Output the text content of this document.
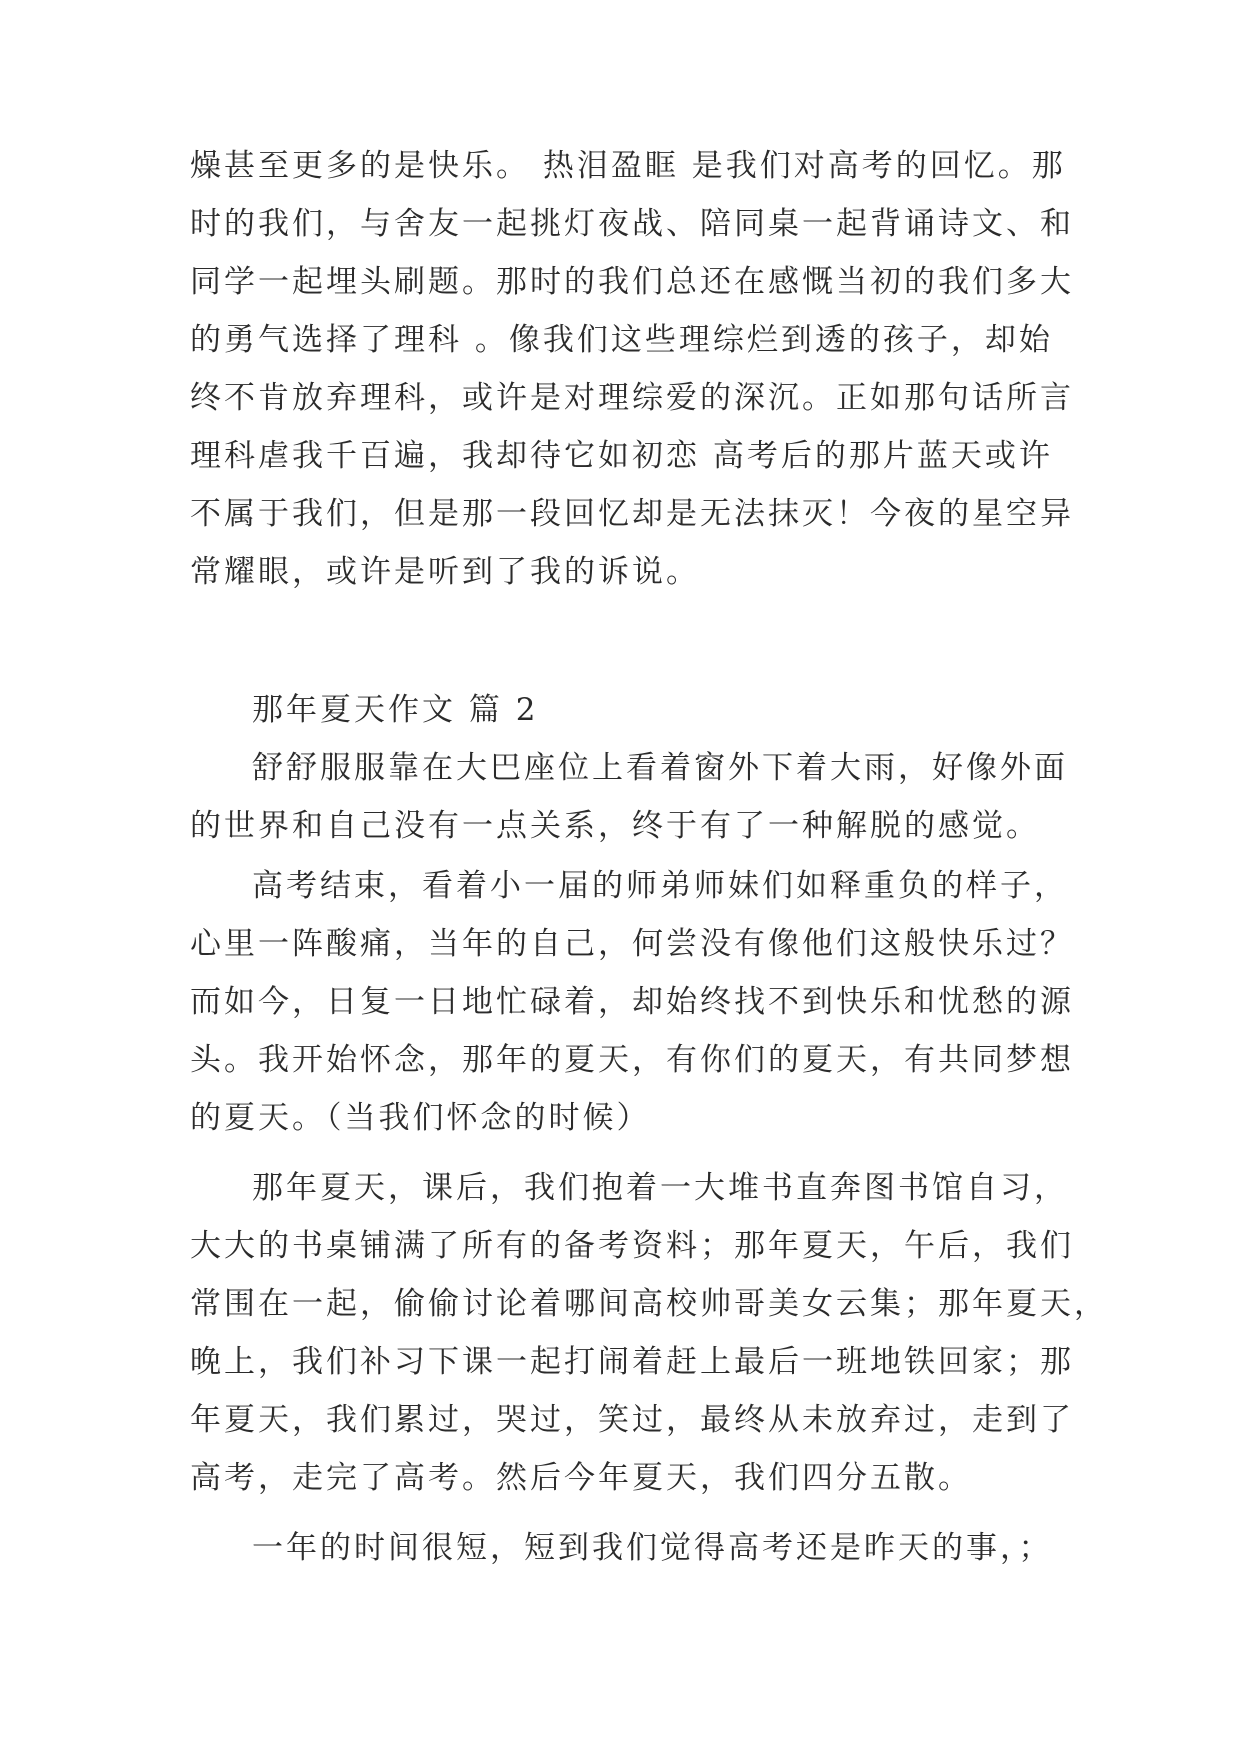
燥甚至更多的是快乐。 热泪盈眶 是我们对高考的回忆。那
时的我们，与舍友一起挑灯夜战、陪同桌一起背诵诗文、和
同学一起埋头刷题。那时的我们总还在感慨当初的我们多大
的勇气选择了理科 。像我们这些理综烂到透的孩子，却始
终不肯放弃理科，或许是对理综爱的深沉。正如那句话所言
理科虐我千百遍，我却待它如初恋 高考后的那片蓝天或许
不属于我们，但是那一段回忆却是无法抹灭！今夜的星空异
常耀眼，或许是听到了我的诉说。
那年夏天作文 篇 2
舒舒服服靠在大巴座位上看着窗外下着大雨，好像外面
的世界和自己没有一点关系，终于有了一种解脱的感觉。
高考结束，看着小一届的师弟师妹们如释重负的样子，
心里一阵酸痛，当年的自己，何尝没有像他们这般快乐过？
而如今，日复一日地忙碌着，却始终找不到快乐和忧愁的源
头。我开始怀念，那年的夏天，有你们的夏天，有共同梦想
的夏天。（当我们怀念的时候）
那年夏天，课后，我们抱着一大堆书直奔图书馆自习，
大大的书桌铺满了所有的备考资料；那年夏天，午后，我们
常围在一起，偷偷讨论着哪间高校帅哥美女云集；那年夏天，
晚上，我们补习下课一起打闹着赶上最后一班地铁回家；那
年夏天，我们累过，哭过，笑过，最终从未放弃过，走到了
高考，走完了高考。然后今年夏天，我们四分五散。
一年的时间很短，短到我们觉得高考还是昨天的事，；
